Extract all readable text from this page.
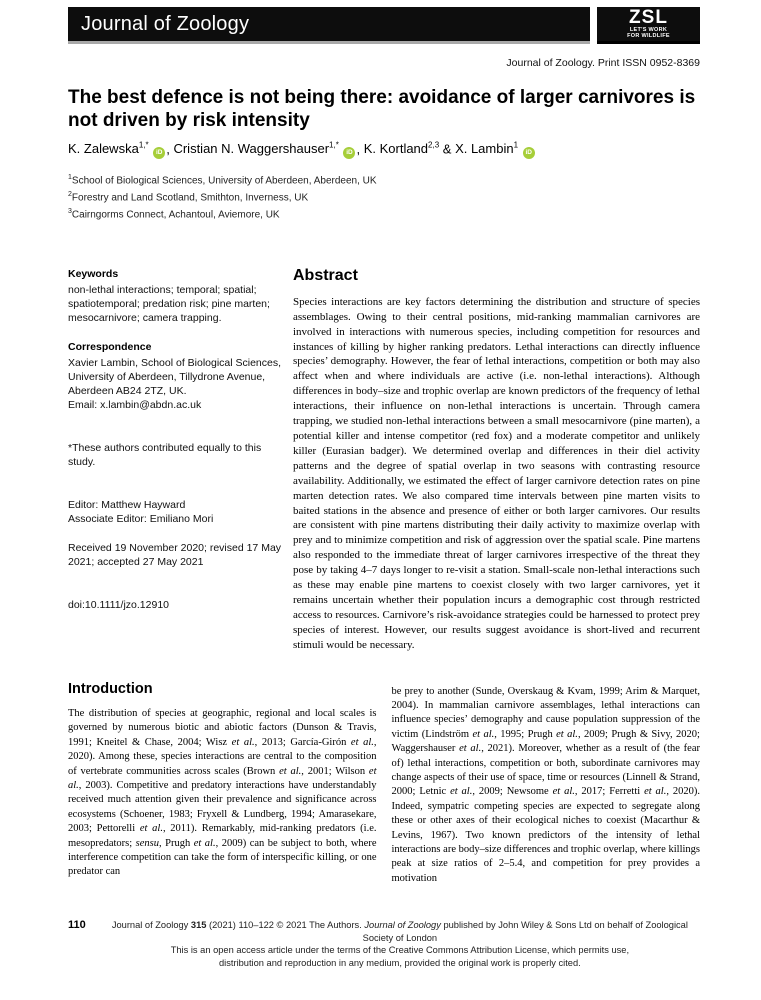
Journal of Zoology	ZSL
LET'S WORK
FOR WILDLIFE
Journal of Zoology. Print ISSN 0952-8369
The best defence is not being there: avoidance of larger carnivores is not driven by risk intensity
K. Zalewska$^{1,*}$ iD , Cristian N. Waggershauser$^{1,*}$ iD , K. Kortland$^{2,3}$ & X. Lambin$^1$ iD
$^1$School of Biological Sciences, University of Aberdeen, Aberdeen, UK
$^2$Forestry and Land Scotland, Smithton, Inverness, UK
$^3$Cairngorms Connect, Achantoul, Aviemore, UK
Keywords
non-lethal interactions; temporal; spatial; spatiotemporal; predation risk; pine marten; mesocarnivore; camera trapping.
Correspondence
Xavier Lambin, School of Biological Sciences, University of Aberdeen, Tillydrone Avenue, Aberdeen AB24 2TZ, UK.
Email: x.lambin@abdn.ac.uk
*These authors contributed equally to this study.
Editor: Matthew Hayward
Associate Editor: Emiliano Mori
Received 19 November 2020; revised 17 May 2021; accepted 27 May 2021
doi:10.1111/jzo.12910
Abstract

Species interactions are key factors determining the distribution and structure of species assemblages. Owing to their central positions, mid-ranking mammalian carnivores are involved in interactions with numerous species, including competition for resources and instances of killing by higher ranking predators. Lethal interactions can directly influence species’ demography. However, the fear of lethal interactions, competition or both may also affect when and where individuals are active (i.e. non-lethal interactions). Although differences in body–size and trophic overlap are known predictors of the frequency of lethal interactions, their influence on non-lethal interactions is uncertain. Through camera trapping, we studied non-lethal interactions between a small mesocarnivore (pine marten), a potential killer and intense competitor (red fox) and a moderate competitor and unlikely killer (Eurasian badger). We determined overlap and differences in their diel activity patterns and the degree of spatial overlap in two seasons with contrasting resource availability. Additionally, we estimated the effect of larger carnivore detection rates on pine marten detection rates. We also compared time intervals between pine marten visits to baited stations in the absence and presence of either or both larger carnivores. Our results are consistent with pine martens distributing their daily activity to maximize overlap with prey and to minimize competition and risk of aggression over the spatial scale. Pine martens also responded to the immediate threat of larger carnivores irrespective of the threat they pose by taking 4–7 days longer to re-visit a station. Small-scale non-lethal interactions such as these may enable pine martens to coexist closely with two larger carnivores, yet it remains uncertain whether their population incurs a demographic cost through restricted access to resources. Carnivore’s risk-avoidance strategies could be harnessed to protect prey species of interest. However, our results suggest avoidance is short-lived and recurrent stimuli would be necessary.

Introduction

The distribution of species at geographic, regional and local scales is governed by numerous biotic and abiotic factors (Dunson & Travis, 1991; Kneitel & Chase, 2004; Wisz et al., 2013; García-Girón et al., 2020). Among these, species interactions are central to the composition of vertebrate communities across scales (Brown et al., 2001; Wilson et al., 2003). Competitive and predatory interactions have understandably received much attention given their prevalence and significance across ecosystems (Schoener, 1983; Fryxell & Lundberg, 1994; Amarasekare, 2003; Pettorelli et al., 2011). Remarkably, mid-ranking predators (i.e. mesopredators; sensu, Prugh et al., 2009) can be subject to both, where interference competition can take the form of interspecific killing, or one predator can

be prey to another (Sunde, Overskaug & Kvam, 1999; Arim & Marquet, 2004). In mammalian carnivore assemblages, lethal interactions can influence species’ demography and cause population suppression of the victim (Lindström et al., 1995; Prugh et al., 2009; Prugh & Sivy, 2020; Waggershauser et al., 2021). Moreover, whether as a result of (the fear of) lethal interactions, competition or both, subordinate carnivores may change aspects of their use of space, time or resources (Linnell & Strand, 2000; Letnic et al., 2009; Newsome et al., 2017; Ferretti et al., 2020). Indeed, sympatric competing species are expected to segregate along these or other axes of their ecological niches to coexist (Macarthur & Levins, 1967). Two known predictors of the intensity of lethal interactions are body–size differences and trophic overlap, where killings peak at size ratios of 2–5.4, and competition for prey provides a motivation

110	Journal of Zoology 315 (2021) 110–122 © 2021 The Authors. Journal of Zoology published by John Wiley & Sons Ltd on behalf of Zoological Society of London
This is an open access article under the terms of the Creative Commons Attribution License, which permits use,
distribution and reproduction in any medium, provided the original work is properly cited.
